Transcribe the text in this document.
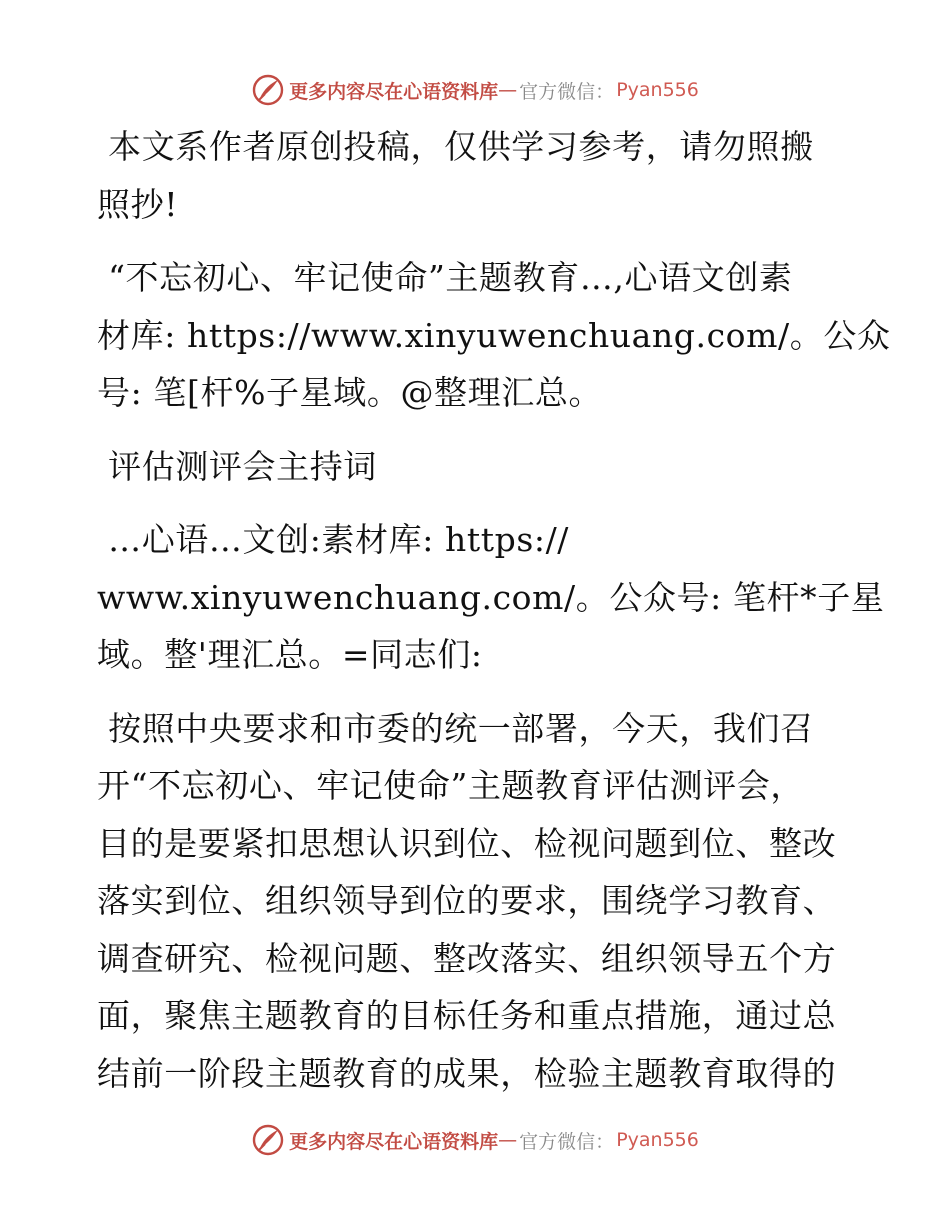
更多内容尽在心语资料库 — 官方微信： Pyan556

本文系作者原创投稿，仅供学习参考，请勿照搬
照抄!

“不忘初心、牢记使命”主题教育…,心语文创素
材库: https://www.xinyuwenchuang.com/。公众
号: 笔[杆%子星域。@整理汇总。

评估测评会主持词

…心语…文创:素材库: https://
www.xinyuwenchuang.com/。公众号: 笔杆*子星
域。整'理汇总。=同志们:

按照中央要求和市委的统一部署，今天，我们召
开“不忘初心、牢记使命”主题教育评估测评会，
目的是要紧扣思想认识到位、检视问题到位、整改
落实到位、组织领导到位的要求，围绕学习教育、
调查研究、检视问题、整改落实、组织领导五个方
面，聚焦主题教育的目标任务和重点措施，通过总
结前一阶段主题教育的成果，检验主题教育取得的

更多内容尽在心语资料库 — 官方微信： Pyan556
